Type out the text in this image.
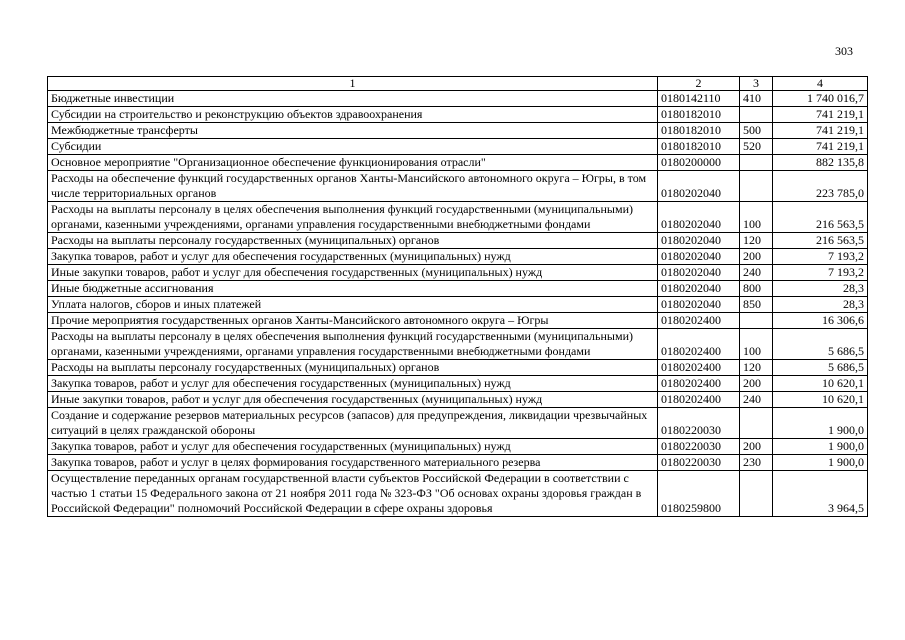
303
1	2	3	4
Бюджетные инвестиции	0180142110	410	1 740 016,7
Субсидии на строительство и реконструкцию объектов здравоохранения	0180182010		741 219,1
Межбюджетные трансферты	0180182010	500	741 219,1
Субсидии	0180182010	520	741 219,1
Основное мероприятие "Организационное обеспечение функционирования отрасли"	0180200000		882 135,8
Расходы на обеспечение функций государственных органов Ханты-Мансийского автономного округа – Югры, в том числе территориальных органов	0180202040		223 785,0
Расходы на выплаты персоналу в целях обеспечения выполнения функций государственными (муниципальными) органами, казенными учреждениями, органами управления государственными внебюджетными фондами	0180202040	100	216 563,5
Расходы на выплаты персоналу государственных (муниципальных) органов	0180202040	120	216 563,5
Закупка товаров, работ и услуг для обеспечения государственных (муниципальных) нужд	0180202040	200	7 193,2
Иные закупки товаров, работ и услуг для обеспечения государственных (муниципальных) нужд	0180202040	240	7 193,2
Иные бюджетные ассигнования	0180202040	800	28,3
Уплата налогов, сборов и иных платежей	0180202040	850	28,3
Прочие мероприятия государственных органов Ханты-Мансийского автономного округа – Югры	0180202400		16 306,6
Расходы на выплаты персоналу в целях обеспечения выполнения функций государственными (муниципальными) органами, казенными учреждениями, органами управления государственными внебюджетными фондами	0180202400	100	5 686,5
Расходы на выплаты персоналу государственных (муниципальных) органов	0180202400	120	5 686,5
Закупка товаров, работ и услуг для обеспечения государственных (муниципальных) нужд	0180202400	200	10 620,1
Иные закупки товаров, работ и услуг для обеспечения государственных (муниципальных) нужд	0180202400	240	10 620,1
Создание и содержание резервов материальных ресурсов (запасов) для предупреждения, ликвидации чрезвычайных ситуаций в целях гражданской обороны	0180220030		1 900,0
Закупка товаров, работ и услуг для обеспечения государственных (муниципальных) нужд	0180220030	200	1 900,0
Закупка товаров, работ и услуг в целях формирования государственного материального резерва	0180220030	230	1 900,0
Осуществление переданных органам государственной власти субъектов Российской Федерации в соответствии с частью 1 статьи 15 Федерального закона от 21 ноября 2011 года № 323-ФЗ "Об основах охраны здоровья граждан в Российской Федерации" полномочий Российской Федерации в сфере охраны здоровья	0180259800		3 964,5
